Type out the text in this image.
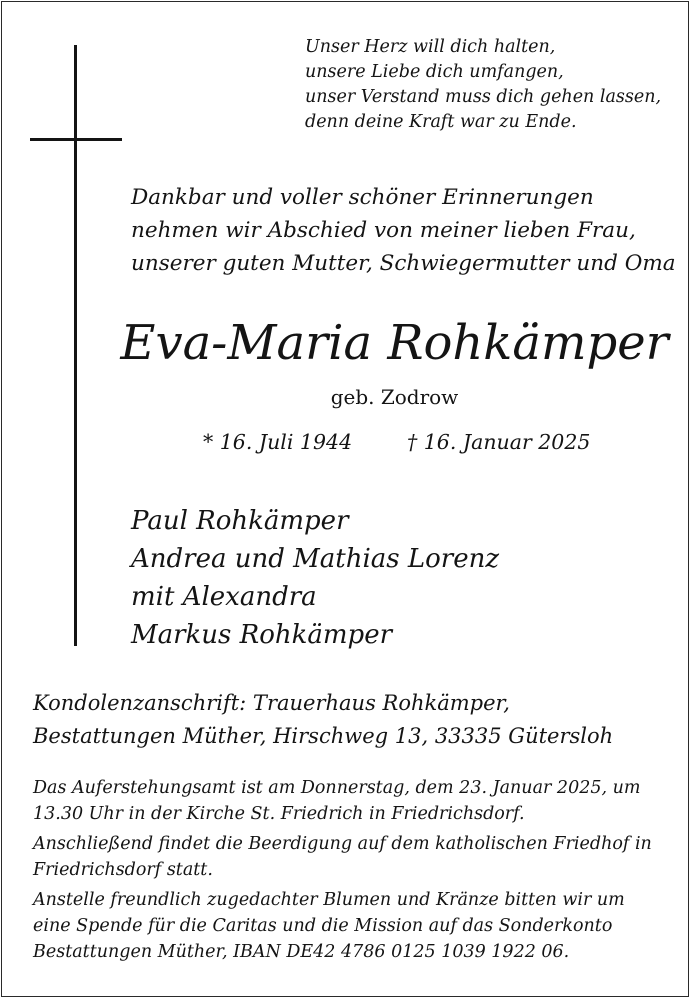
Unser Herz will dich halten,
unsere Liebe dich umfangen,
unser Verstand muss dich gehen lassen,
denn deine Kraft war zu Ende.
Dankbar und voller schöner Erinnerungen
nehmen wir Abschied von meiner lieben Frau,
unserer guten Mutter, Schwiegermutter und Oma
Eva-Maria Rohkämper
geb. Zodrow
* 16. Juli 1944	† 16. Januar 2025
Paul Rohkämper
Andrea und Mathias Lorenz
mit Alexandra
Markus Rohkämper
Kondolenzanschrift: Trauerhaus Rohkämper,
Bestattungen Müther, Hirschweg 13, 33335 Gütersloh

Das Auferstehungsamt ist am Donnerstag, dem 23. Januar 2025, um
13.30 Uhr in der Kirche St. Friedrich in Friedrichsdorf.

Anschließend findet die Beerdigung auf dem katholischen Friedhof in
Friedrichsdorf statt.

Anstelle freundlich zugedachter Blumen und Kränze bitten wir um
eine Spende für die Caritas und die Mission auf das Sonderkonto
Bestattungen Müther, IBAN DE42 4786 0125 1039 1922 06.
